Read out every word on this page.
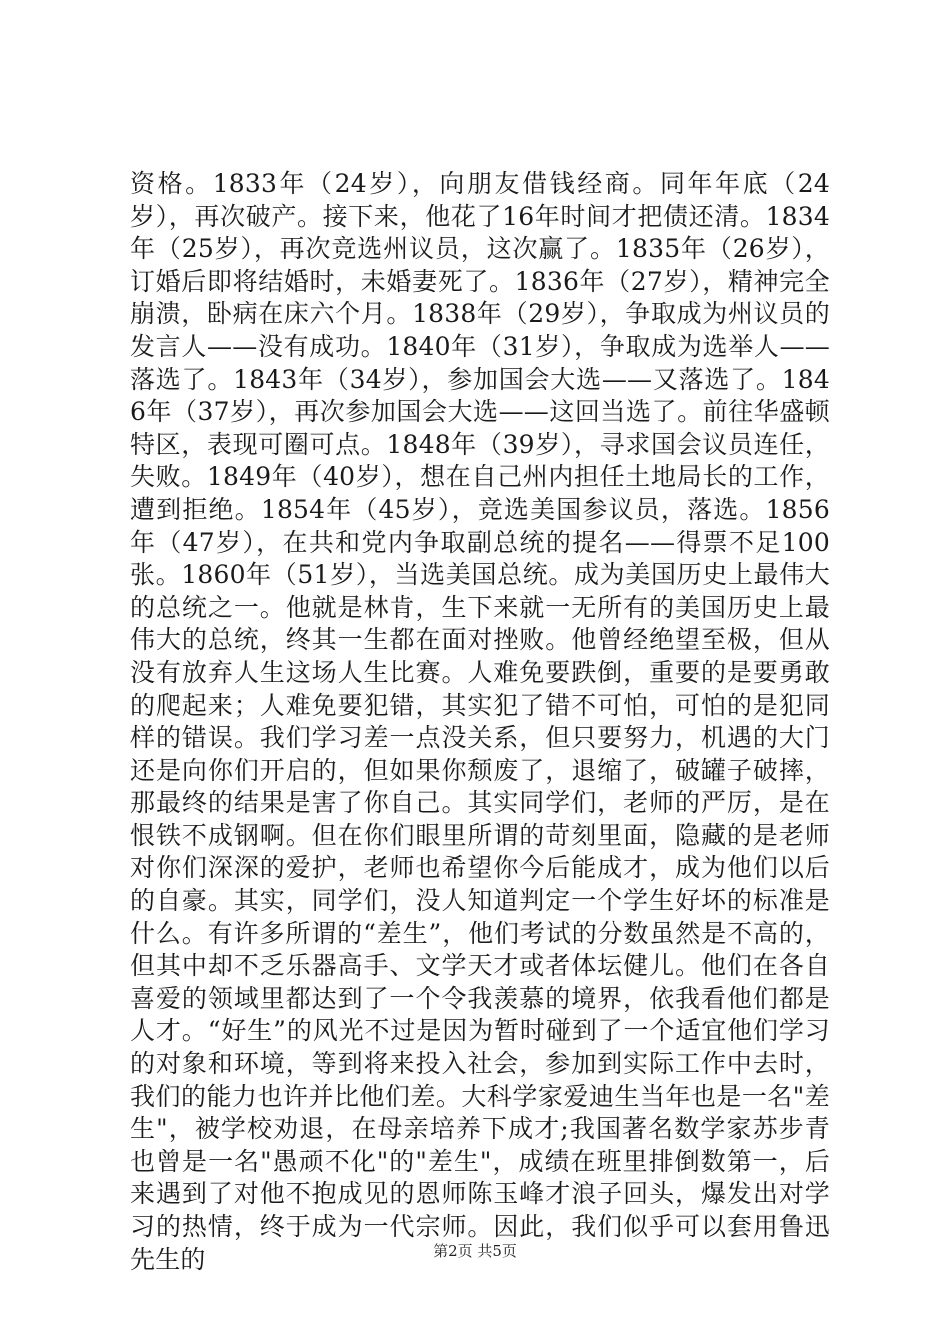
资格。1833年（24岁），向朋友借钱经商。同年年底（24岁），再次破产。接下来，他花了16年时间才把债还清。1834年（25岁），再次竞选州议员，这次赢了。1835年（26岁），订婚后即将结婚时，未婚妻死了。1836年（27岁），精神完全崩溃，卧病在床六个月。1838年（29岁），争取成为州议员的发言人——没有成功。1840年（31岁），争取成为选举人——落选了。1843年（34岁），参加国会大选——又落选了。1846年（37岁），再次参加国会大选——这回当选了。前往华盛顿特区，表现可圈可点。1848年（39岁），寻求国会议员连任，失败。1849年（40岁），想在自己州内担任土地局长的工作，遭到拒绝。1854年（45岁），竞选美国参议员，落选。1856年（47岁），在共和党内争取副总统的提名——得票不足100张。1860年（51岁），当选美国总统。成为美国历史上最伟大的总统之一。他就是林肯，生下来就一无所有的美国历史上最伟大的总统，终其一生都在面对挫败。他曾经绝望至极，但从没有放弃人生这场人生比赛。人难免要跌倒，重要的是要勇敢的爬起来；人难免要犯错，其实犯了错不可怕，可怕的是犯同样的错误。我们学习差一点没关系，但只要努力，机遇的大门还是向你们开启的，但如果你颓废了，退缩了，破罐子破摔，那最终的结果是害了你自己。其实同学们，老师的严厉，是在恨铁不成钢啊。但在你们眼里所谓的苛刻里面，隐藏的是老师对你们深深的爱护，老师也希望你今后能成才，成为他们以后的自豪。其实，同学们，没人知道判定一个学生好坏的标准是什么。有许多所谓的“差生”，他们考试的分数虽然是不高的，但其中却不乏乐器高手、文学天才或者体坛健儿。他们在各自喜爱的领域里都达到了一个令我羡慕的境界，依我看他们都是人才。“好生”的风光不过是因为暂时碰到了一个适宜他们学习的对象和环境，等到将来投入社会，参加到实际工作中去时，我们的能力也许并比他们差。大科学家爱迪生当年也是一名"差生"，被学校劝退，在母亲培养下成才;我国著名数学家苏步青也曾是一名"愚顽不化"的"差生"，成绩在班里排倒数第一，后来遇到了对他不抱成见的恩师陈玉峰才浪子回头，爆发出对学习的热情，终于成为一代宗师。因此，我们似乎可以套用鲁迅先生的	第2页 共5页
